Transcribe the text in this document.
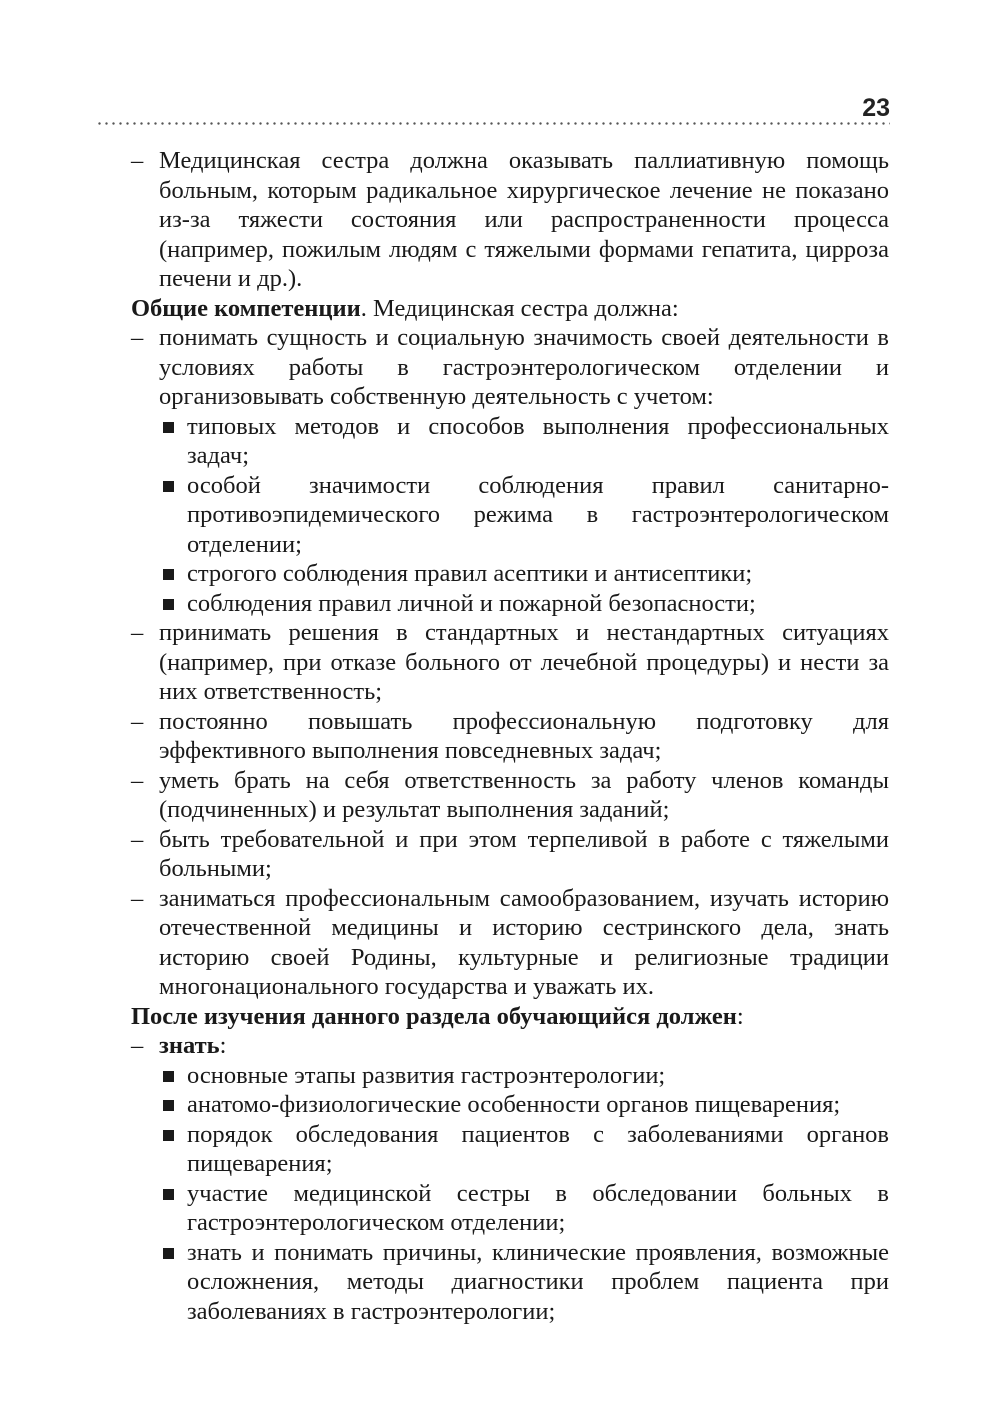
23

– Медицинская сестра должна оказывать паллиативную помощь больным, которым радикальное хирургическое лечение не показано из-за тяжести состояния или распространенности процесса (например, пожилым людям с тяжелыми формами гепатита, цирроза печени и др.).

Общие компетенции. Медицинская сестра должна:

– понимать сущность и социальную значимость своей деятельности в условиях работы в гастроэнтерологическом отделении и организовывать собственную деятельность с учетом:

типовых методов и способов выполнения профессиональных задач;

особой значимости соблюдения правил санитарно-противоэпидемического режима в гастроэнтерологическом отделении;

строгого соблюдения правил асептики и антисептики;

соблюдения правил личной и пожарной безопасности;

– принимать решения в стандартных и нестандартных ситуациях (например, при отказе больного от лечебной процедуры) и нести за них ответственность;

– постоянно повышать профессиональную подготовку для эффективного выполнения повседневных задач;

– уметь брать на себя ответственность за работу членов команды (подчиненных) и результат выполнения заданий;

– быть требовательной и при этом терпеливой в работе с тяжелыми больными;

– заниматься профессиональным самообразованием, изучать историю отечественной медицины и историю сестринского дела, знать историю своей Родины, культурные и религиозные традиции многонационального государства и уважать их.

После изучения данного раздела обучающийся должен:

– знать:

основные этапы развития гастроэнтерологии;

анатомо-физиологические особенности органов пищеварения;

порядок обследования пациентов с заболеваниями органов пищеварения;

участие медицинской сестры в обследовании больных в гастроэнтерологическом отделении;

знать и понимать причины, клинические проявления, возможные осложнения, методы диагностики проблем пациента при заболеваниях в гастроэнтерологии;
